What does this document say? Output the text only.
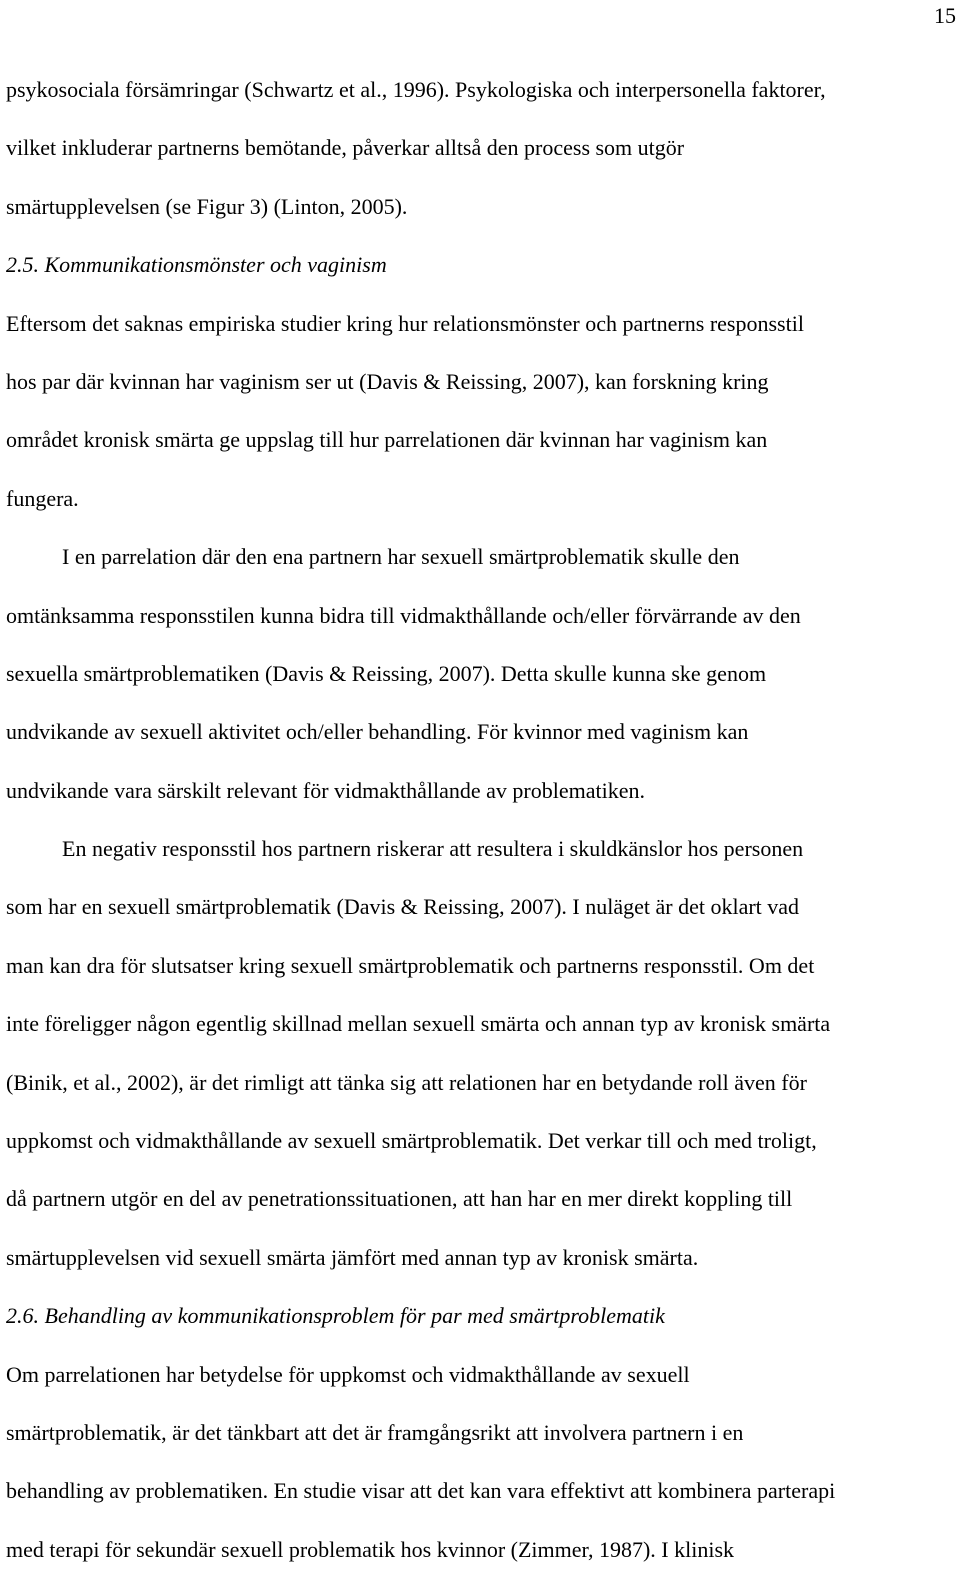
15
psykosociala försämringar (Schwartz et al., 1996). Psykologiska och interpersonella faktorer,
vilket inkluderar partnerns bemötande, påverkar alltså den process som utgör
smärtupplevelsen (se Figur 3) (Linton, 2005).
2.5. Kommunikationsmönster och vaginism
Eftersom det saknas empiriska studier kring hur relationsmönster och partnerns responsstil
hos par där kvinnan har vaginism ser ut (Davis & Reissing, 2007), kan forskning kring
området kronisk smärta ge uppslag till hur parrelationen där kvinnan har vaginism kan
fungera.
I en parrelation där den ena partnern har sexuell smärtproblematik skulle den
omtänksamma responsstilen kunna bidra till vidmakthållande och/eller förvärrande av den
sexuella smärtproblematiken (Davis & Reissing, 2007). Detta skulle kunna ske genom
undvikande av sexuell aktivitet och/eller behandling. För kvinnor med vaginism kan
undvikande vara särskilt relevant för vidmakthållande av problematiken.
En negativ responsstil hos partnern riskerar att resultera i skuldkänslor hos personen
som har en sexuell smärtproblematik (Davis & Reissing, 2007). I nuläget är det oklart vad
man kan dra för slutsatser kring sexuell smärtproblematik och partnerns responsstil. Om det
inte föreligger någon egentlig skillnad mellan sexuell smärta och annan typ av kronisk smärta
(Binik, et al., 2002), är det rimligt att tänka sig att relationen har en betydande roll även för
uppkomst och vidmakthållande av sexuell smärtproblematik. Det verkar till och med troligt,
då partnern utgör en del av penetrationssituationen, att han har en mer direkt koppling till
smärtupplevelsen vid sexuell smärta jämfört med annan typ av kronisk smärta.
2.6. Behandling av kommunikationsproblem för par med smärtproblematik
Om parrelationen har betydelse för uppkomst och vidmakthållande av sexuell
smärtproblematik, är det tänkbart att det är framgångsrikt att involvera partnern i en
behandling av problematiken. En studie visar att det kan vara effektivt att kombinera parterapi
med terapi för sekundär sexuell problematik hos kvinnor (Zimmer, 1987). I klinisk
